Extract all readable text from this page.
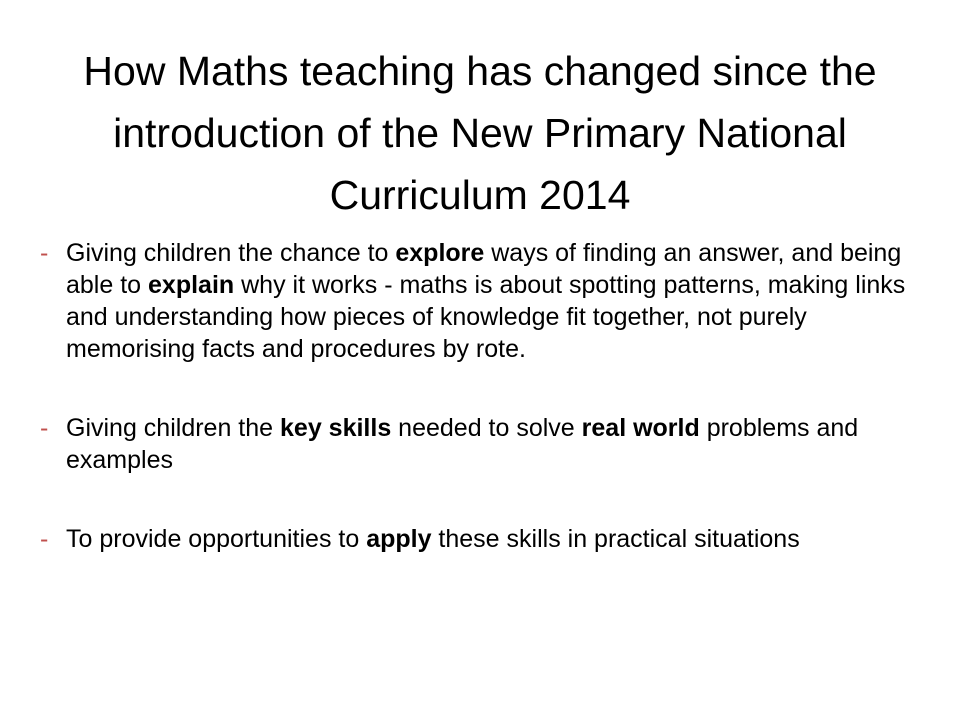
How Maths teaching has changed since the introduction of the New Primary National Curriculum 2014
- Giving children the chance to explore ways of finding an answer, and being able to explain why it works - maths is about spotting patterns, making links and understanding how pieces of knowledge fit together, not purely memorising facts and procedures by rote.
- Giving children the key skills needed to solve real world problems and examples
- To provide opportunities to apply these skills in practical situations
